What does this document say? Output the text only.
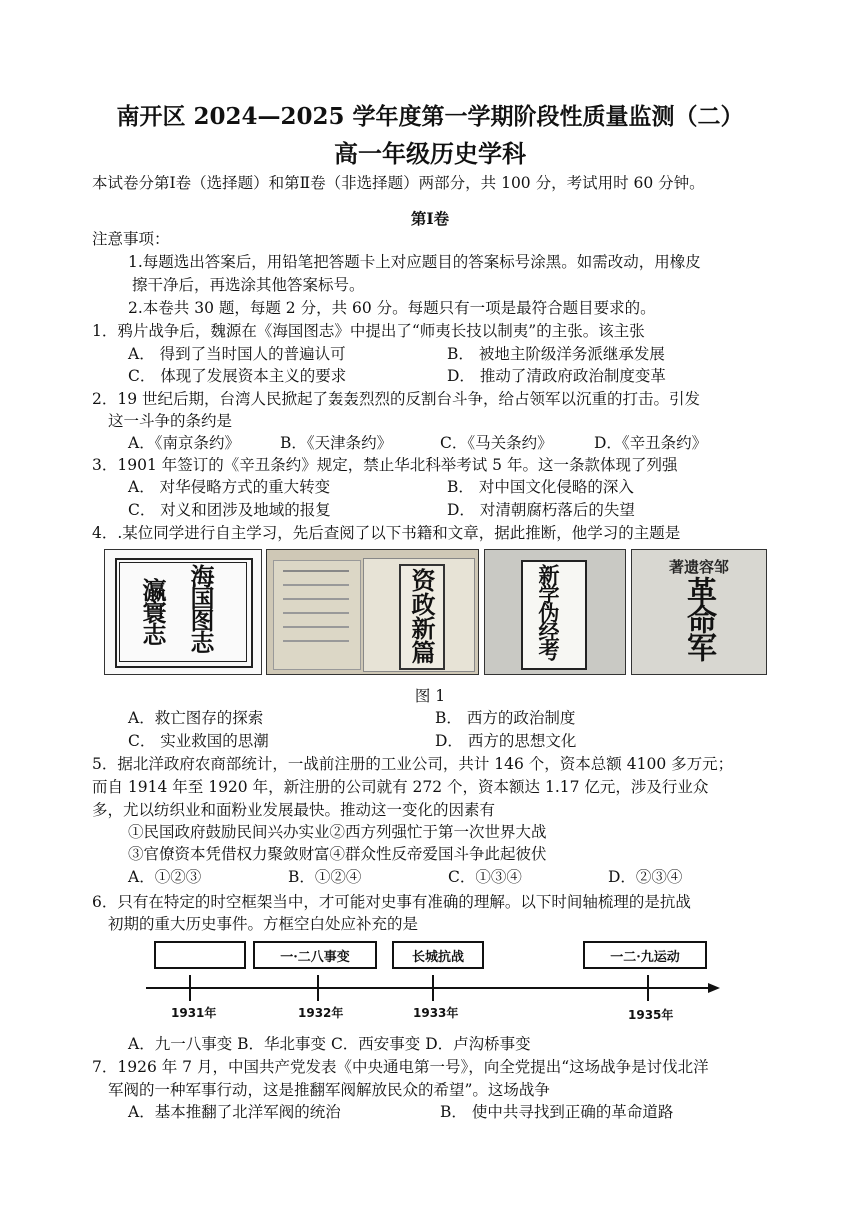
南开区 2024—2025 学年度第一学期阶段性质量监测（二）
高一年级历史学科
本试卷分第Ⅰ卷（选择题）和第Ⅱ卷（非选择题）两部分，共 100 分，考试用时 60 分钟。
第Ⅰ卷
注意事项：
1.每题选出答案后，用铅笔把答题卡上对应题目的答案标号涂黑。如需改动，用橡皮
擦干净后，再选涂其他答案标号。
2.本卷共 30 题，每题 2 分，共 60 分。每题只有一项是最符合题目要求的。
1．鸦片战争后，魏源在《海国图志》中提出了“师夷长技以制夷”的主张。该主张
A． 得到了当时国人的普遍认可	B． 被地主阶级洋务派继承发展
C． 体现了发展资本主义的要求	D． 推动了清政府政治制度变革
2．19 世纪后期，台湾人民掀起了轰轰烈烈的反割台斗争，给占领军以沉重的打击。引发
这一斗争的条约是
A．《南京条约》	B．《天津条约》	C．《马关条约》	D．《辛丑条约》
3．1901 年签订的《辛丑条约》规定，禁止华北科举考试 5 年。这一条款体现了列强
A． 对华侵略方式的重大转变	B． 对中国文化侵略的深入
C． 对义和团涉及地域的报复	D． 对清朝腐朽落后的失望
4．.某位同学进行自主学习，先后查阅了以下书籍和文章，据此推断，他学习的主题是
海国图志
瀛寰志	资政新篇	新学伪经考	著遗容邹
革命军
图 1
A．救亡图存的探索	B． 西方的政治制度
C． 实业救国的思潮	D． 西方的思想文化
5．据北洋政府农商部统计，一战前注册的工业公司，共计 146 个，资本总额 4100 多万元；
而自 1914 年至 1920 年，新注册的公司就有 272 个，资本额达 1.17 亿元，涉及行业众
多，尤以纺织业和面粉业发展最快。推动这一变化的因素有
①民国政府鼓励民间兴办实业②西方列强忙于第一次世界大战
③官僚资本凭借权力聚敛财富④群众性反帝爱国斗争此起彼伏
A．①②③	B．①②④	C．①③④	D．②③④
6．只有在特定的时空框架当中，才可能对史事有准确的理解。以下时间轴梳理的是抗战
初期的重大历史事件。方框空白处应补充的是
一·二八事变	长城抗战	一二·九运动
1931年	1932年	1933年	1935年
A．九一八事变 B．华北事变 C．西安事变 D．卢沟桥事变
7．1926 年 7 月，中国共产党发表《中央通电第一号》，向全党提出“这场战争是讨伐北洋
军阀的一种军事行动，这是推翻军阀解放民众的希望”。这场战争
A．基本推翻了北洋军阀的统治	B． 使中共寻找到正确的革命道路
